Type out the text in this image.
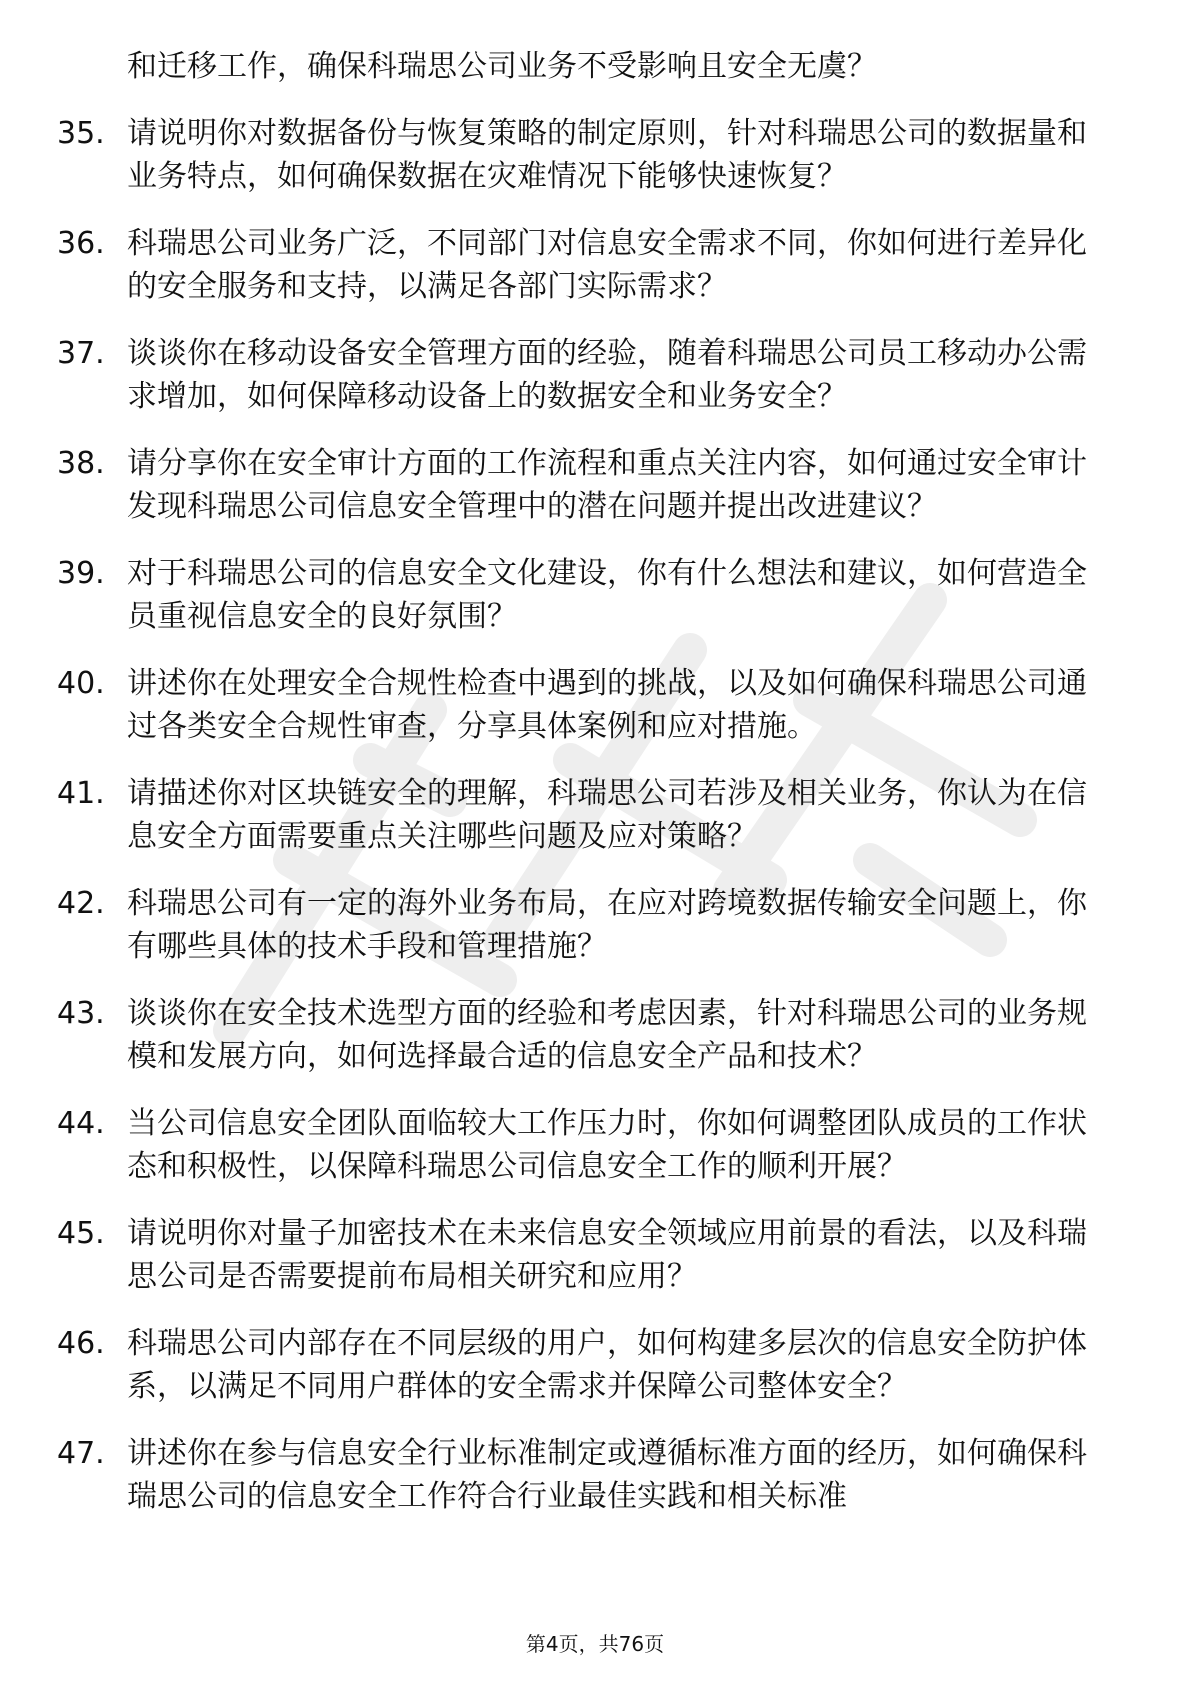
和迁移工作，确保科瑞思公司业务不受影响且安全无虞？
35. 请说明你对数据备份与恢复策略的制定原则，针对科瑞思公司的数据量和业务特点，如何确保数据在灾难情况下能够快速恢复？
36. 科瑞思公司业务广泛，不同部门对信息安全需求不同，你如何进行差异化的安全服务和支持，以满足各部门实际需求？
37. 谈谈你在移动设备安全管理方面的经验，随着科瑞思公司员工移动办公需求增加，如何保障移动设备上的数据安全和业务安全？
38. 请分享你在安全审计方面的工作流程和重点关注内容，如何通过安全审计发现科瑞思公司信息安全管理中的潜在问题并提出改进建议？
39. 对于科瑞思公司的信息安全文化建设，你有什么想法和建议，如何营造全员重视信息安全的良好氛围？
40. 讲述你在处理安全合规性检查中遇到的挑战，以及如何确保科瑞思公司通过各类安全合规性审查，分享具体案例和应对措施。
41. 请描述你对区块链安全的理解，科瑞思公司若涉及相关业务，你认为在信息安全方面需要重点关注哪些问题及应对策略？
42. 科瑞思公司有一定的海外业务布局，在应对跨境数据传输安全问题上，你有哪些具体的技术手段和管理措施？
43. 谈谈你在安全技术选型方面的经验和考虑因素，针对科瑞思公司的业务规模和发展方向，如何选择最合适的信息安全产品和技术？
44. 当公司信息安全团队面临较大工作压力时，你如何调整团队成员的工作状态和积极性，以保障科瑞思公司信息安全工作的顺利开展？
45. 请说明你对量子加密技术在未来信息安全领域应用前景的看法，以及科瑞思公司是否需要提前布局相关研究和应用？
46. 科瑞思公司内部存在不同层级的用户，如何构建多层次的信息安全防护体系，以满足不同用户群体的安全需求并保障公司整体安全？
47. 讲述你在参与信息安全行业标准制定或遵循标准方面的经历，如何确保科瑞思公司的信息安全工作符合行业最佳实践和相关标准
第4页，共76页
